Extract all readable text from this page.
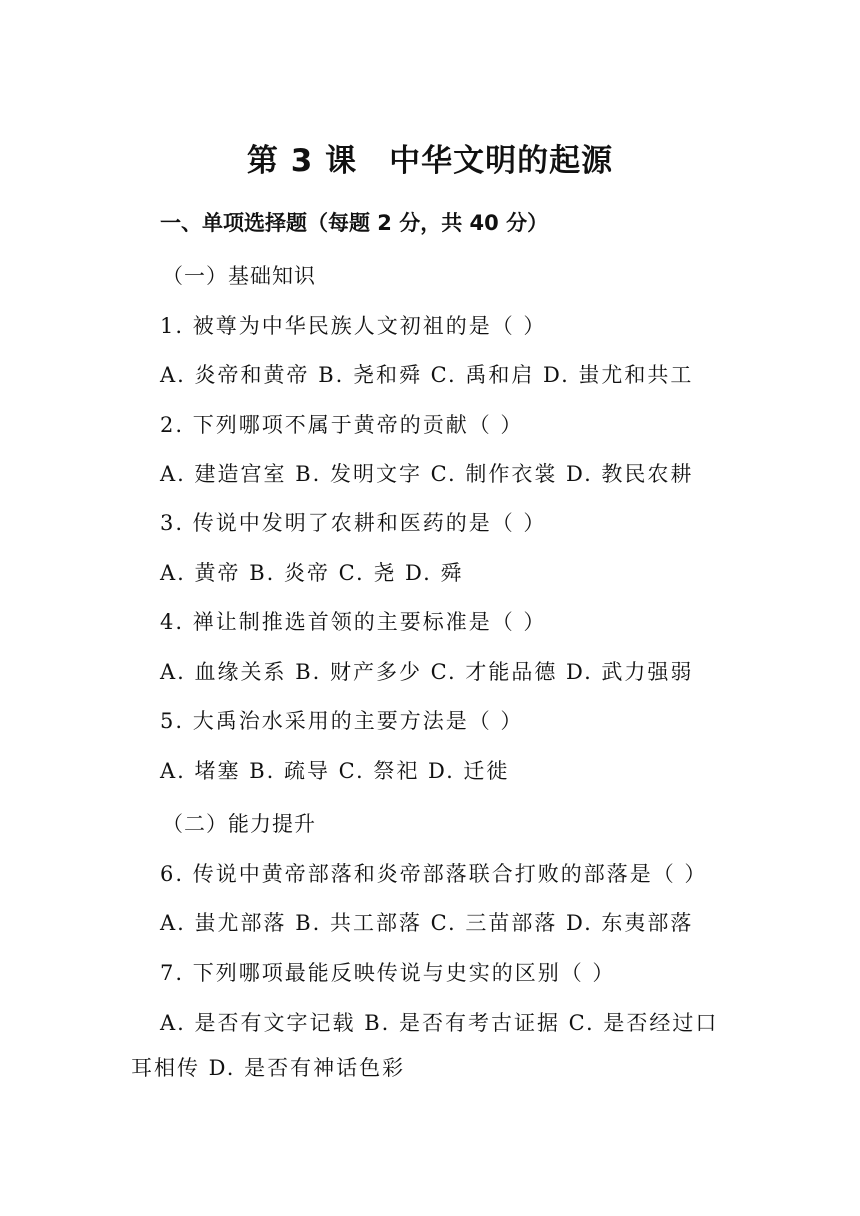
第 3 课　中华文明的起源
一、单项选择题（每题 2 分，共 40 分）
（一）基础知识
1. 被尊为中华民族人文初祖的是（ ）
A. 炎帝和黄帝 B. 尧和舜 C. 禹和启 D. 蚩尤和共工
2. 下列哪项不属于黄帝的贡献（ ）
A. 建造宫室 B. 发明文字 C. 制作衣裳 D. 教民农耕
3. 传说中发明了农耕和医药的是（ ）
A. 黄帝 B. 炎帝 C. 尧 D. 舜
4. 禅让制推选首领的主要标准是（ ）
A. 血缘关系 B. 财产多少 C. 才能品德 D. 武力强弱
5. 大禹治水采用的主要方法是（ ）
A. 堵塞 B. 疏导 C. 祭祀 D. 迁徙
（二）能力提升
6. 传说中黄帝部落和炎帝部落联合打败的部落是（ ）
A. 蚩尤部落 B. 共工部落 C. 三苗部落 D. 东夷部落
7. 下列哪项最能反映传说与史实的区别（ ）
A. 是否有文字记载 B. 是否有考古证据 C. 是否经过口
耳相传 D. 是否有神话色彩
